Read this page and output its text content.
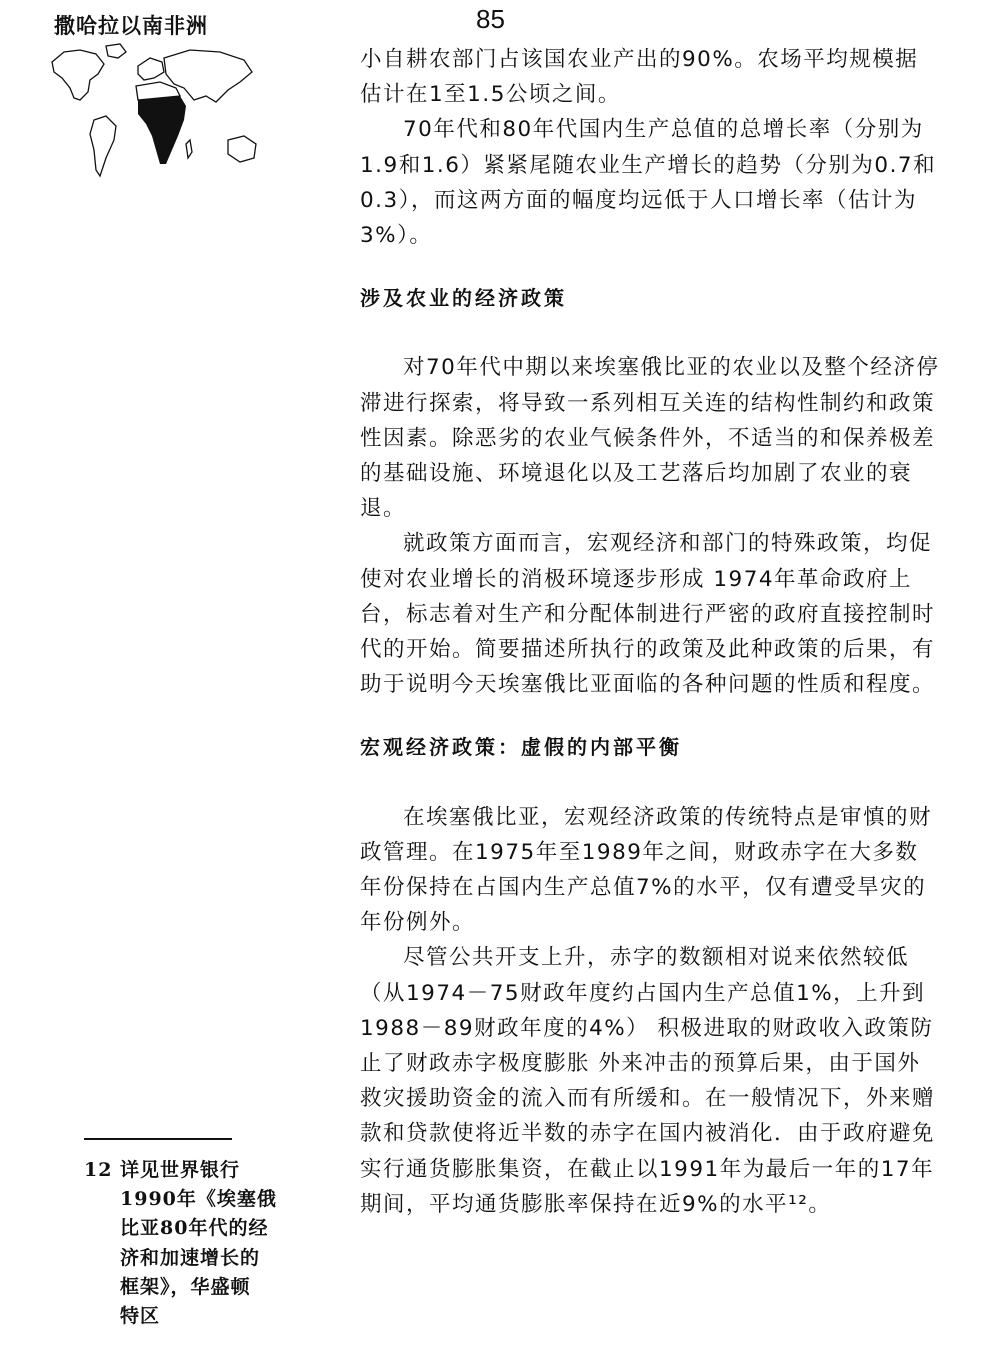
85
撒哈拉以南非洲

小自耕农部门占该国农业产出的90%。农场平均规模据估计在1至1.5公顷之间。

70年代和80年代国内生产总值的总增长率（分别为1.9和1.6）紧紧尾随农业生产增长的趋势（分别为0.7和0.3），而这两方面的幅度均远低于人口增长率（估计为3%）。

涉及农业的经济政策

对70年代中期以来埃塞俄比亚的农业以及整个经济停滞进行探索，将导致一系列相互关连的结构性制约和政策性因素。除恶劣的农业气候条件外，不适当的和保养极差的基础设施、环境退化以及工艺落后均加剧了农业的衰退。

就政策方面而言，宏观经济和部门的特殊政策，均促使对农业增长的消极环境逐步形成 1974年革命政府上台，标志着对生产和分配体制进行严密的政府直接控制时代的开始。简要描述所执行的政策及此种政策的后果，有助于说明今天埃塞俄比亚面临的各种问题的性质和程度。

宏观经济政策：虚假的内部平衡

在埃塞俄比亚，宏观经济政策的传统特点是审慎的财政管理。在1975年至1989年之间，财政赤字在大多数年份保持在占国内生产总值7%的水平，仅有遭受旱灾的年份例外。

尽管公共开支上升，赤字的数额相对说来依然较低（从1974－75财政年度约占国内生产总值1%，上升到1988－89财政年度的4%） 积极进取的财政收入政策防止了财政赤字极度膨胀 外来冲击的预算后果，由于国外救灾援助资金的流入而有所缓和。在一般情况下，外来赠款和贷款使将近半数的赤字在国内被消化．由于政府避免实行通货膨胀集资，在截止以1991年为最后一年的17年期间，平均通货膨胀率保持在近9%的水平¹²。

12 详见世界银行
1990年《埃塞俄
比亚80年代的经
济和加速增长的
框架》，华盛顿
特区
